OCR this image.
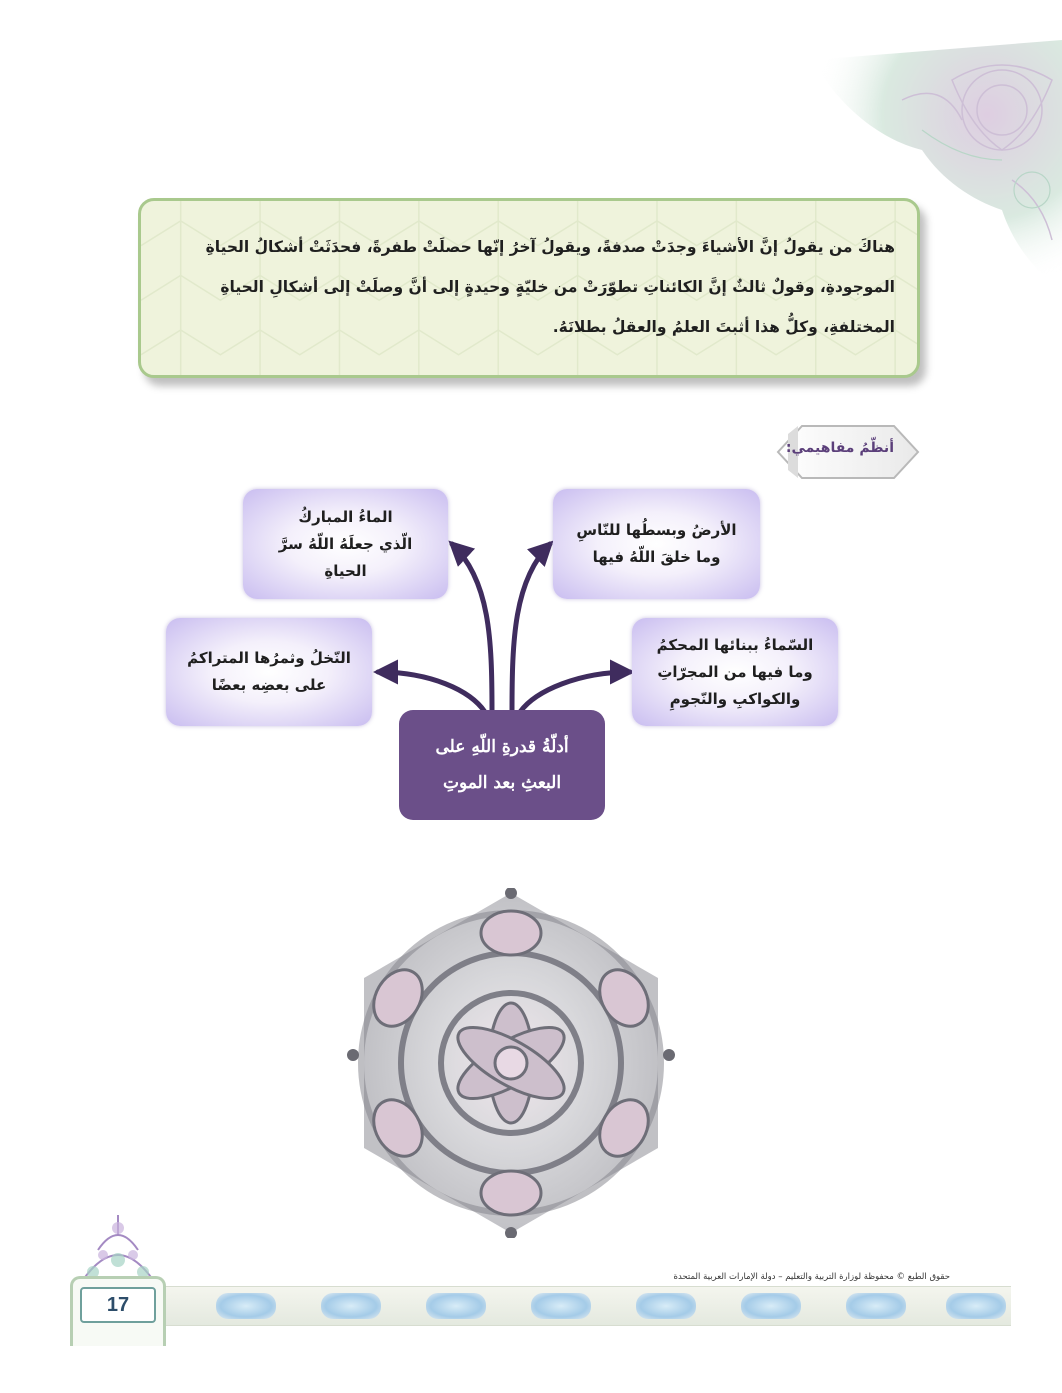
هناكَ من يقولُ إنَّ الأشياءَ وجدَتْ صدفةً، ويقولُ آخرُ إنّها حصلَتْ طفرةً، فحدَثَتْ أشكالُ الحياةِ الموجودةِ، وقولٌ ثالثٌ إنَّ الكائناتِ تطوّرَتْ من خليّةٍ وحيدةٍ إلى أنَّ وصلَتْ إلى أشكالِ الحياةِ المختلفةِ، وكلُّ هذا أثبتَ العلمُ والعقلُ بطلانَهُ.

أنظّمُ مفاهيمي:
الماءُ المباركُ
الّذي جعلَهُ اللّهُ سرَّ
الحياةِ
الأرضُ وبسطُها للنّاسِ
وما خلقَ اللّهُ فيها
النّخلُ وثمرُها المتراكمُ
على بعضِه بعضًا
السّماءُ ببنائها المحكمُ
وما فيها من المجرّاتِ
والكواكبِ والنّجومِ
أدلّةُ قدرةِ اللّهِ على
البعثِ بعد الموتِ
17
حقوق الطبع © محفوظة لوزارة التربية والتعليم – دولة الإمارات العربية المتحدة
